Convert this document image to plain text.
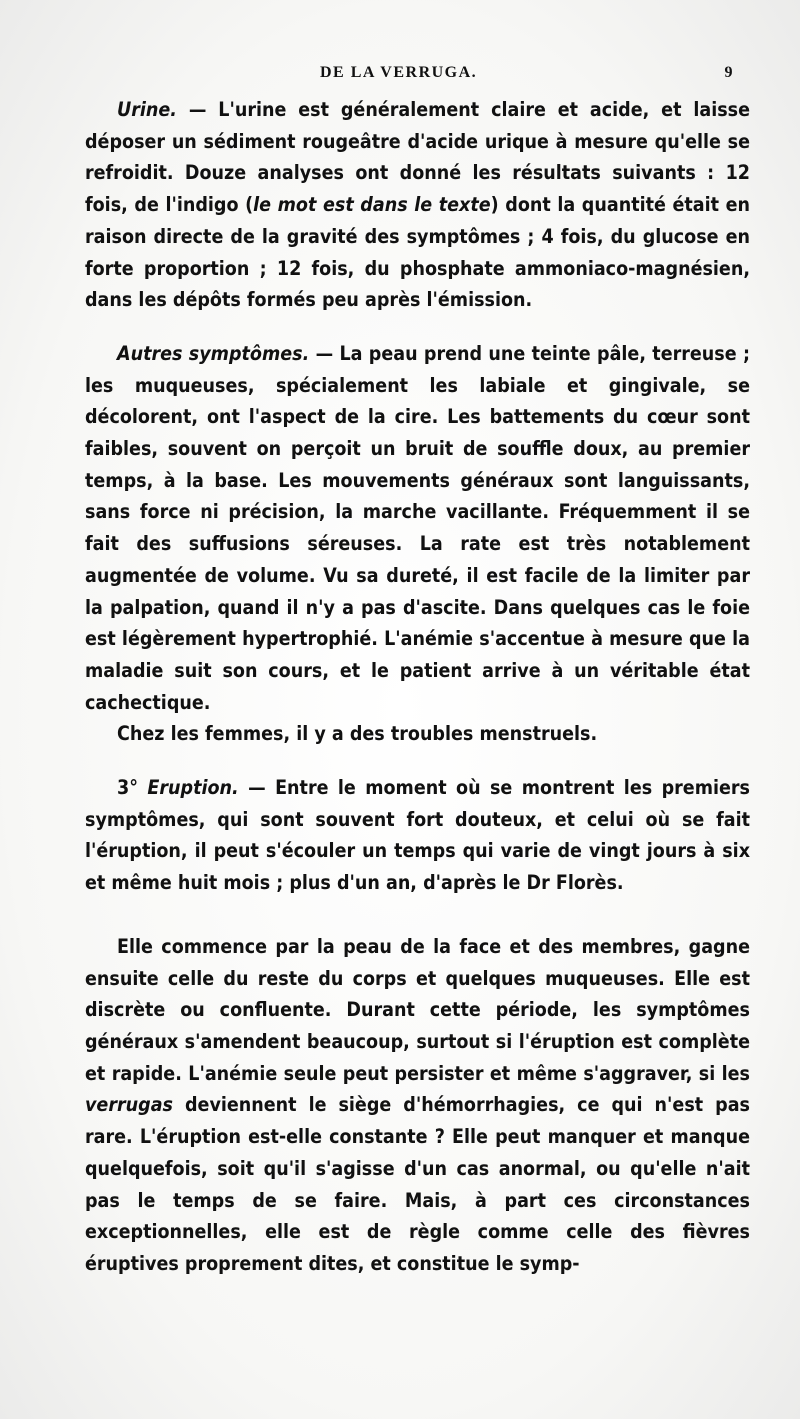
DE LA VERRUGA.	9

Urine. — L'urine est généralement claire et acide, et laisse déposer un sédiment rougeâtre d'acide urique à mesure qu'elle se refroidit. Douze analyses ont donné les résultats suivants : 12 fois, de l'indigo (le mot est dans le texte) dont la quantité était en raison directe de la gravité des symptômes ; 4 fois, du glucose en forte proportion ; 12 fois, du phosphate ammoniaco-magnésien, dans les dépôts formés peu après l'émission.

Autres symptômes. — La peau prend une teinte pâle, terreuse ; les muqueuses, spécialement les labiale et gingivale, se décolorent, ont l'aspect de la cire. Les battements du cœur sont faibles, souvent on perçoit un bruit de souffle doux, au premier temps, à la base. Les mouvements généraux sont languissants, sans force ni précision, la marche vacillante. Fréquemment il se fait des suffusions séreuses. La rate est très notablement augmentée de volume. Vu sa dureté, il est facile de la limiter par la palpation, quand il n'y a pas d'ascite. Dans quelques cas le foie est légèrement hypertrophié. L'anémie s'accentue à mesure que la maladie suit son cours, et le patient arrive à un véritable état cachectique.

Chez les femmes, il y a des troubles menstruels.

3° Eruption. — Entre le moment où se montrent les premiers symptômes, qui sont souvent fort douteux, et celui où se fait l'éruption, il peut s'écouler un temps qui varie de vingt jours à six et même huit mois ; plus d'un an, d'après le Dr Florès.

Elle commence par la peau de la face et des membres, gagne ensuite celle du reste du corps et quelques muqueuses. Elle est discrète ou confluente. Durant cette période, les symptômes généraux s'amendent beaucoup, surtout si l'éruption est complète et rapide. L'anémie seule peut persister et même s'aggraver, si les verrugas deviennent le siège d'hémorrhagies, ce qui n'est pas rare. L'éruption est-elle constante ? Elle peut manquer et manque quelquefois, soit qu'il s'agisse d'un cas anormal, ou qu'elle n'ait pas le temps de se faire. Mais, à part ces circonstances exceptionnelles, elle est de règle comme celle des fièvres éruptives proprement dites, et constitue le symp-
